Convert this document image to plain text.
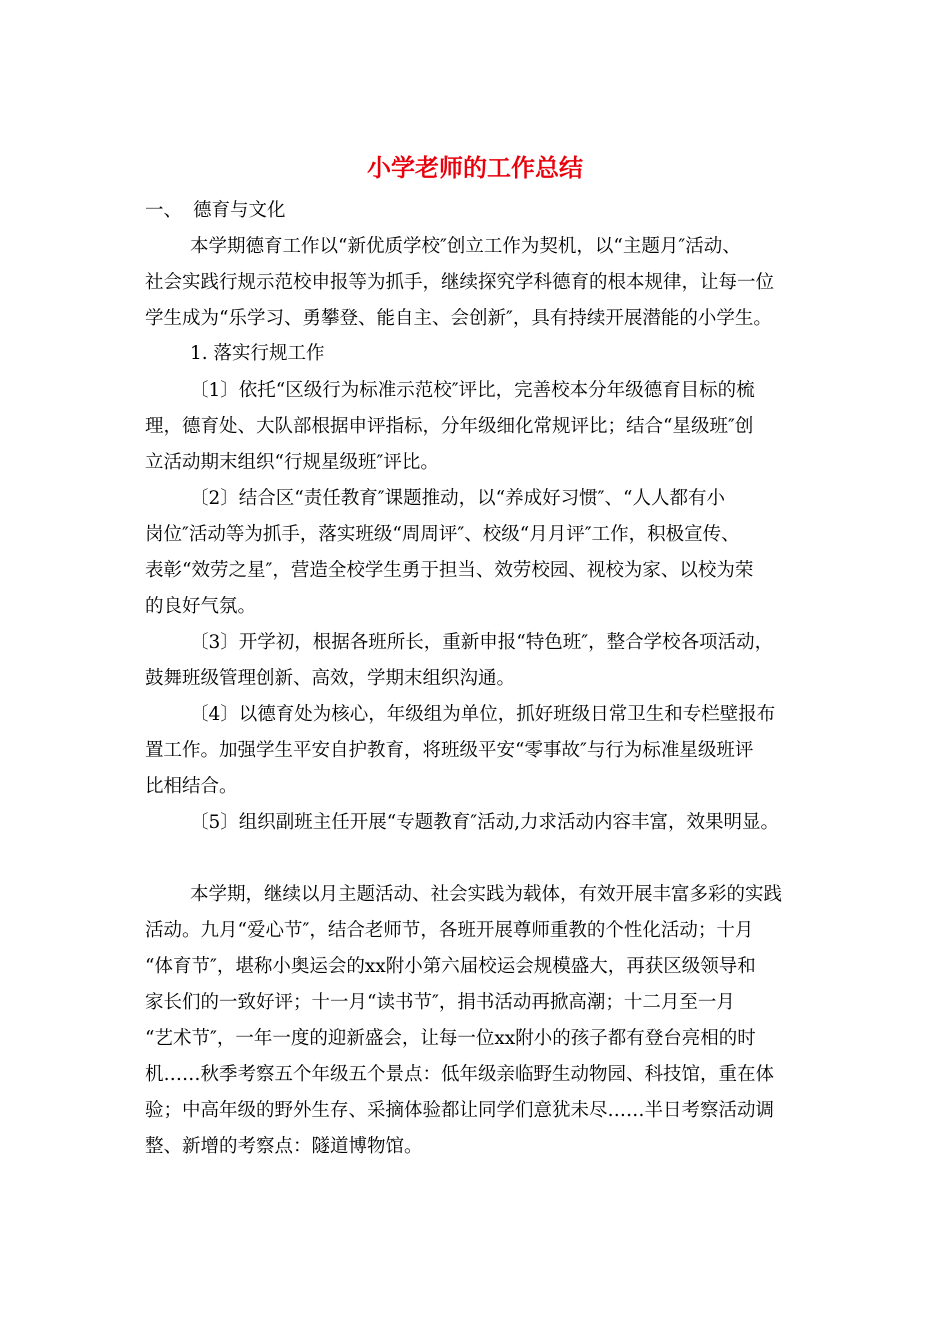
小学老师的工作总结
一、 德育与文化
本学期德育工作以“新优质学校″创立工作为契机，以“主题月″活动、
社会实践行规示范校申报等为抓手，继续探究学科德育的根本规律，让每一位
学生成为“乐学习、勇攀登、能自主、会创新″，具有持续开展潜能的小学生。
1. 落实行规工作
〔1〕依托“区级行为标准示范校″评比，完善校本分年级德育目标的梳
理，德育处、大队部根据申评指标，分年级细化常规评比；结合“星级班″创
立活动期末组织“行规星级班″评比。
〔2〕结合区“责任教育″课题推动，以“养成好习惯″、“人人都有小
岗位″活动等为抓手，落实班级“周周评″、校级“月月评″工作，积极宣传、
表彰“效劳之星″，营造全校学生勇于担当、效劳校园、视校为家、以校为荣
的良好气氛。
〔3〕开学初，根据各班所长，重新申报“特色班″，整合学校各项活动，
鼓舞班级管理创新、高效，学期末组织沟通。
〔4〕以德育处为核心，年级组为单位，抓好班级日常卫生和专栏壁报布
置工作。加强学生平安自护教育，将班级平安“零事故″与行为标准星级班评
比相结合。
〔5〕组织副班主任开展“专题教育″活动,力求活动内容丰富，效果明显。
本学期，继续以月主题活动、社会实践为载体，有效开展丰富多彩的实践
活动。九月“爱心节″，结合老师节，各班开展尊师重教的个性化活动；十月
“体育节″，堪称小奥运会的xx附小第六届校运会规模盛大，再获区级领导和
家长们的一致好评；十一月“读书节″，捐书活动再掀高潮；十二月至一月
“艺术节″，一年一度的迎新盛会，让每一位xx附小的孩子都有登台亮相的时
机……秋季考察五个年级五个景点：低年级亲临野生动物园、科技馆，重在体
验；中高年级的野外生存、采摘体验都让同学们意犹未尽……半日考察活动调
整、新增的考察点：隧道博物馆。
